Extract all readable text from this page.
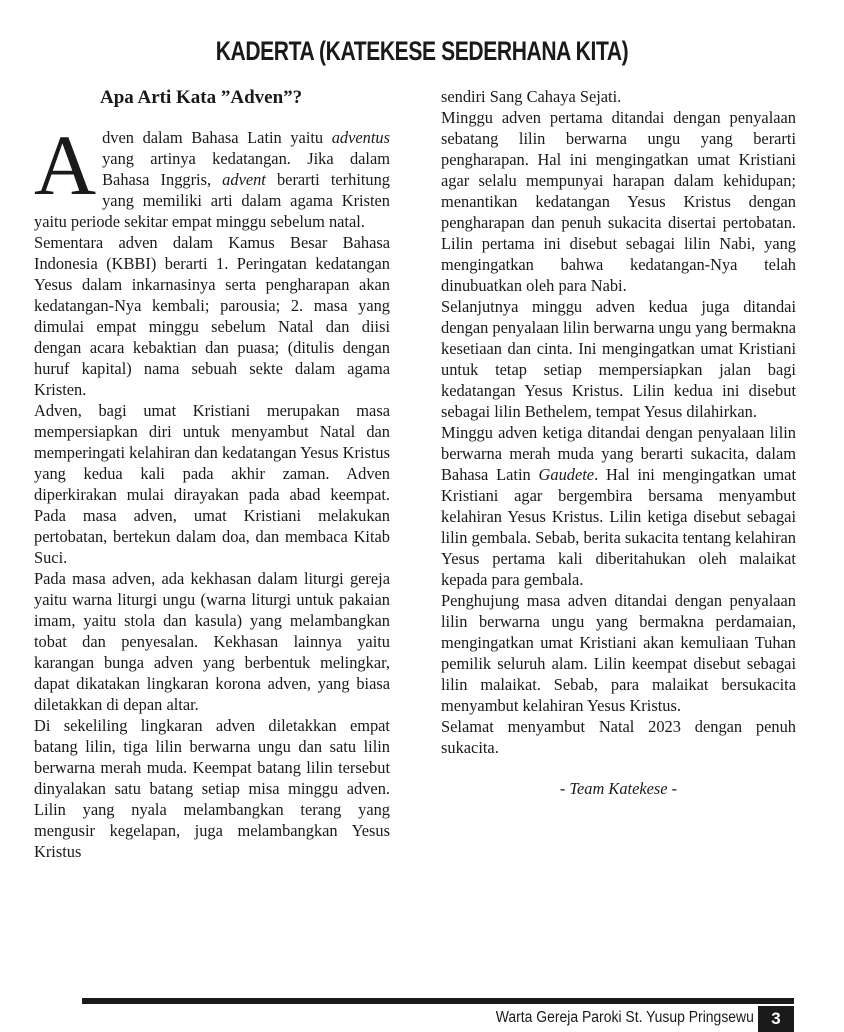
KADERTA (KATEKESE SEDERHANA KITA)

Apa Arti Kata ”Adven”?

Adven dalam Bahasa Latin yaitu adventus yang artinya kedatangan. Jika dalam Bahasa Inggris, advent berarti terhitung yang memiliki arti dalam agama Kristen yaitu periode sekitar empat minggu sebelum natal.

Sementara adven dalam Kamus Besar Bahasa Indonesia (KBBI) berarti 1. Peringatan kedatangan Yesus dalam inkarnasinya serta pengharapan akan kedatangan-Nya kembali; parousia; 2. masa yang dimulai empat minggu sebelum Natal dan diisi dengan acara kebaktian dan puasa; (ditulis dengan huruf kapital) nama sebuah sekte dalam agama Kristen.

Adven, bagi umat Kristiani merupakan masa mempersiapkan diri untuk menyambut Natal dan memperingati kelahiran dan kedatangan Yesus Kristus yang kedua kali pada akhir zaman. Adven diperkirakan mulai dirayakan pada abad keempat. Pada masa adven, umat Kristiani melakukan pertobatan, bertekun dalam doa, dan membaca Kitab Suci.

Pada masa adven, ada kekhasan dalam liturgi gereja yaitu warna liturgi ungu (warna liturgi untuk pakaian imam, yaitu stola dan kasula) yang melambangkan tobat dan penyesalan. Kekhasan lainnya yaitu karangan bunga adven yang berbentuk melingkar, dapat dikatakan lingkaran korona adven, yang biasa diletakkan di depan altar.

Di sekeliling lingkaran adven diletakkan empat batang lilin, tiga lilin berwarna ungu dan satu lilin berwarna merah muda. Keempat batang lilin tersebut dinyalakan satu batang setiap misa minggu adven. Lilin yang nyala melambangkan terang yang mengusir kegelapan, juga melambangkan Yesus Kristus

sendiri Sang Cahaya Sejati.

Minggu adven pertama ditandai dengan penyalaan sebatang lilin berwarna ungu yang berarti pengharapan. Hal ini mengingatkan umat Kristiani agar selalu mempunyai harapan dalam kehidupan; menantikan kedatangan Yesus Kristus dengan pengharapan dan penuh sukacita disertai pertobatan. Lilin pertama ini disebut sebagai lilin Nabi, yang mengingatkan bahwa kedatangan-Nya telah dinubuatkan oleh para Nabi.

Selanjutnya minggu adven kedua juga ditandai dengan penyalaan lilin berwarna ungu yang bermakna kesetiaan dan cinta. Ini mengingatkan umat Kristiani untuk tetap setiap mempersiapkan jalan bagi kedatangan Yesus Kristus. Lilin kedua ini disebut sebagai lilin Bethelem, tempat Yesus dilahirkan.

Minggu adven ketiga ditandai dengan penyalaan lilin berwarna merah muda yang berarti sukacita, dalam Bahasa Latin Gaudete. Hal ini mengingatkan umat Kristiani agar bergembira bersama menyambut kelahiran Yesus Kristus. Lilin ketiga disebut sebagai lilin gembala. Sebab, berita sukacita tentang kelahiran Yesus pertama kali diberitahukan oleh malaikat kepada para gembala.

Penghujung masa adven ditandai dengan penyalaan lilin berwarna ungu yang bermakna perdamaian, mengingatkan umat Kristiani akan kemuliaan Tuhan pemilik seluruh alam. Lilin keempat disebut sebagai lilin malaikat. Sebab, para malaikat bersukacita menyambut kelahiran Yesus Kristus.

Selamat menyambut Natal 2023 dengan penuh sukacita.

- Team Katekese -

Warta Gereja Paroki St. Yusup Pringsewu	3
